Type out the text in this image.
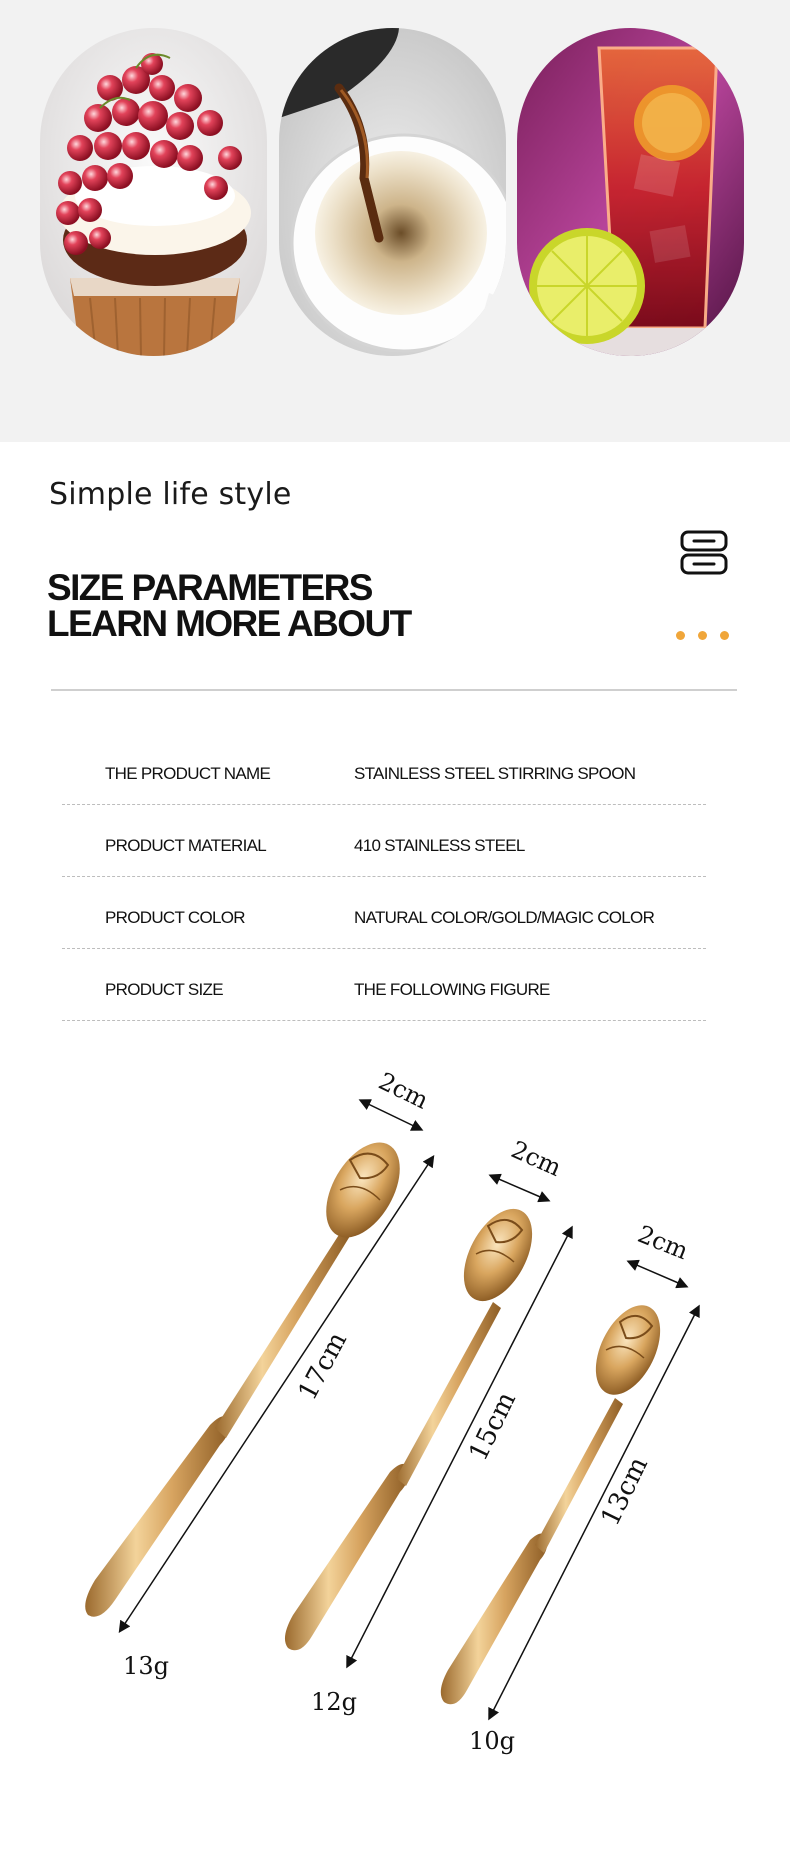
Simple life style
SIZE PARAMETERS
LEARN MORE ABOUT
THE PRODUCT NAME	STAINLESS STEEL STIRRING SPOON
PRODUCT MATERIAL	410 STAINLESS STEEL
PRODUCT COLOR	NATURAL COLOR/GOLD/MAGIC COLOR
PRODUCT SIZE	THE FOLLOWING FIGURE
2cm
2cm
2cm
17cm
15cm
13cm
13g
12g
10g
